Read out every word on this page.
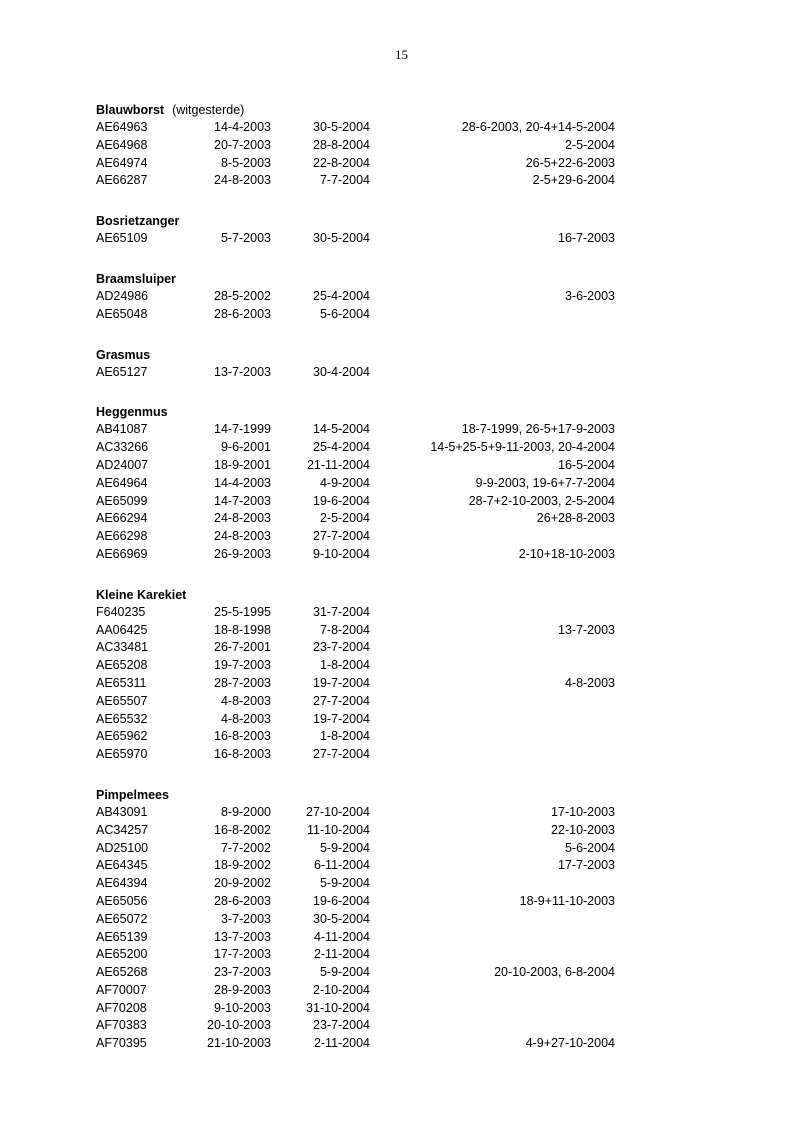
15
Blauwborst (witgesterde)
AE64963	14-4-2003	30-5-2004	28-6-2003, 20-4+14-5-2004
AE64968	20-7-2003	28-8-2004	2-5-2004
AE64974	8-5-2003	22-8-2004	26-5+22-6-2003
AE66287	24-8-2003	7-7-2004	2-5+29-6-2004
Bosrietzanger
AE65109	5-7-2003	30-5-2004	16-7-2003
Braamsluiper
AD24986	28-5-2002	25-4-2004	3-6-2003
AE65048	28-6-2003	5-6-2004
Grasmus
AE65127	13-7-2003	30-4-2004
Heggenmus
AB41087	14-7-1999	14-5-2004	18-7-1999, 26-5+17-9-2003
AC33266	9-6-2001	25-4-2004	14-5+25-5+9-11-2003, 20-4-2004
AD24007	18-9-2001	21-11-2004	16-5-2004
AE64964	14-4-2003	4-9-2004	9-9-2003, 19-6+7-7-2004
AE65099	14-7-2003	19-6-2004	28-7+2-10-2003, 2-5-2004
AE66294	24-8-2003	2-5-2004	26+28-8-2003
AE66298	24-8-2003	27-7-2004
AE66969	26-9-2003	9-10-2004	2-10+18-10-2003
Kleine Karekiet
F640235	25-5-1995	31-7-2004
AA06425	18-8-1998	7-8-2004	13-7-2003
AC33481	26-7-2001	23-7-2004
AE65208	19-7-2003	1-8-2004
AE65311	28-7-2003	19-7-2004	4-8-2003
AE65507	4-8-2003	27-7-2004
AE65532	4-8-2003	19-7-2004
AE65962	16-8-2003	1-8-2004
AE65970	16-8-2003	27-7-2004
Pimpelmees
AB43091	8-9-2000	27-10-2004	17-10-2003
AC34257	16-8-2002	11-10-2004	22-10-2003
AD25100	7-7-2002	5-9-2004	5-6-2004
AE64345	18-9-2002	6-11-2004	17-7-2003
AE64394	20-9-2002	5-9-2004
AE65056	28-6-2003	19-6-2004	18-9+11-10-2003
AE65072	3-7-2003	30-5-2004
AE65139	13-7-2003	4-11-2004
AE65200	17-7-2003	2-11-2004
AE65268	23-7-2003	5-9-2004	20-10-2003, 6-8-2004
AF70007	28-9-2003	2-10-2004
AF70208	9-10-2003	31-10-2004
AF70383	20-10-2003	23-7-2004
AF70395	21-10-2003	2-11-2004	4-9+27-10-2004
